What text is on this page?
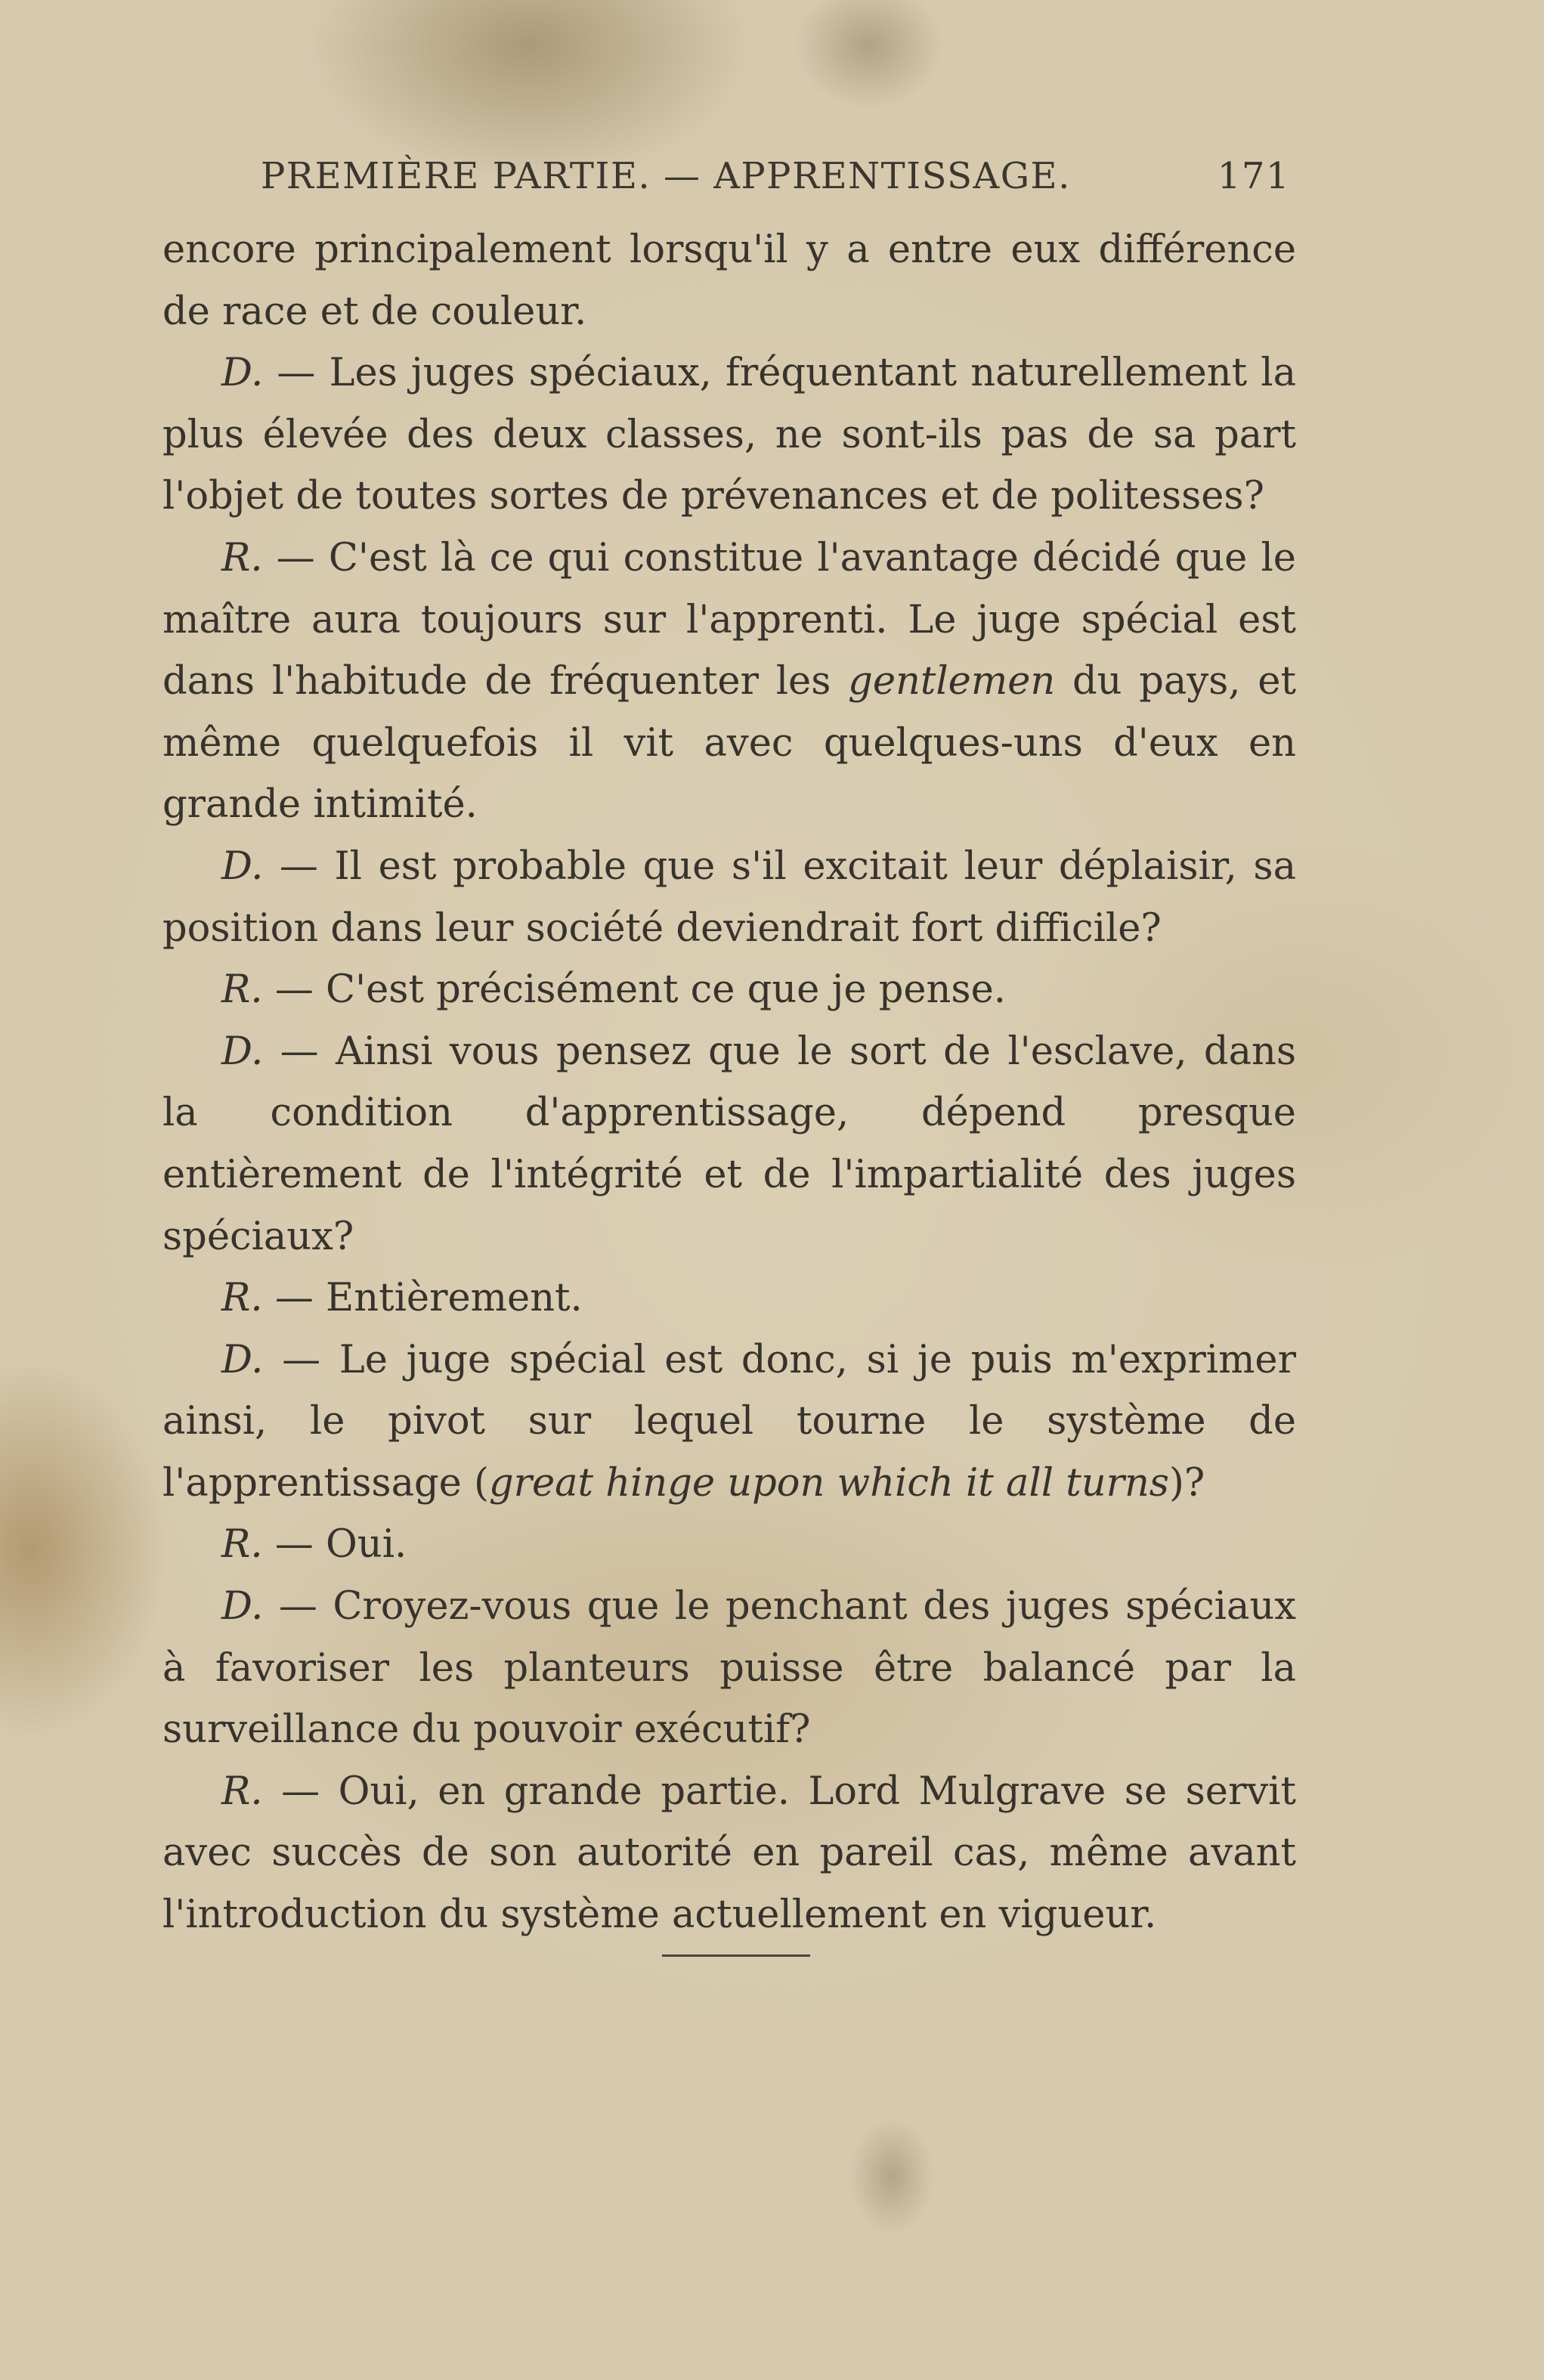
PREMIÈRE PARTIE. — APPRENTISSAGE.	171

encore principalement lorsqu'il y a entre eux différence de race et de couleur.

D. — Les juges spéciaux, fréquentant naturellement la plus élevée des deux classes, ne sont-ils pas de sa part l'objet de toutes sortes de prévenances et de politesses?

R. — C'est là ce qui constitue l'avantage décidé que le maître aura toujours sur l'apprenti. Le juge spécial est dans l'habitude de fréquenter les gentlemen du pays, et même quelquefois il vit avec quelques-uns d'eux en grande intimité.

D. — Il est probable que s'il excitait leur déplaisir, sa position dans leur société deviendrait fort difficile?

R. — C'est précisément ce que je pense.

D. — Ainsi vous pensez que le sort de l'esclave, dans la condition d'apprentissage, dépend presque entièrement de l'intégrité et de l'impartialité des juges spéciaux?

R. — Entièrement.

D. — Le juge spécial est donc, si je puis m'exprimer ainsi, le pivot sur lequel tourne le système de l'apprentissage (great hinge upon which it all turns)?

R. — Oui.

D. — Croyez-vous que le penchant des juges spéciaux à favoriser les planteurs puisse être balancé par la surveillance du pouvoir exécutif?

R. — Oui, en grande partie. Lord Mulgrave se servit avec succès de son autorité en pareil cas, même avant l'introduction du système actuellement en vigueur.
